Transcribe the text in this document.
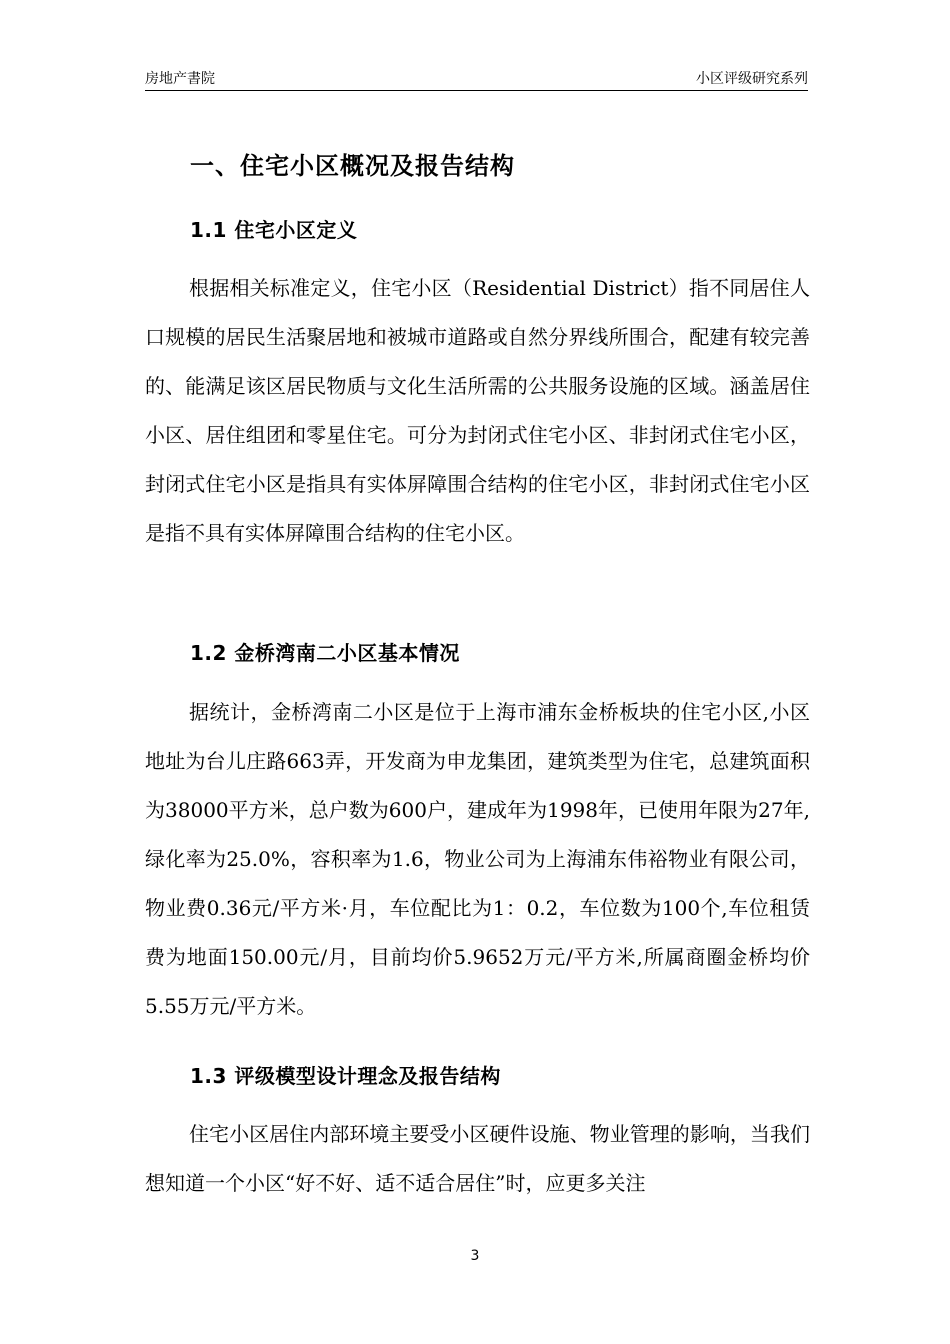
房地产書院	小区评级研究系列
一、住宅小区概况及报告结构
1.1 住宅小区定义

根据相关标准定义，住宅小区（Residential District）指不同居住人口规模的居民生活聚居地和被城市道路或自然分界线所围合，配建有较完善的、能满足该区居民物质与文化生活所需的公共服务设施的区域。涵盖居住小区、居住组团和零星住宅。可分为封闭式住宅小区、非封闭式住宅小区，封闭式住宅小区是指具有实体屏障围合结构的住宅小区，非封闭式住宅小区是指不具有实体屏障围合结构的住宅小区。

1.2 金桥湾南二小区基本情况

据统计，金桥湾南二小区是位于上海市浦东金桥板块的住宅小区,小区地址为台儿庄路663弄，开发商为申龙集团，建筑类型为住宅，总建筑面积为38000平方米，总户数为600户，建成年为1998年，已使用年限为27年,绿化率为25.0%，容积率为1.6，物业公司为上海浦东伟裕物业有限公司，物业费0.36元/平方米·月，车位配比为1：0.2，车位数为100个,车位租赁费为地面150.00元/月，目前均价5.9652万元/平方米,所属商圈金桥均价5.55万元/平方米。

1.3 评级模型设计理念及报告结构

住宅小区居住内部环境主要受小区硬件设施、物业管理的影响，当我们想知道一个小区“好不好、适不适合居住”时，应更多关注

3
